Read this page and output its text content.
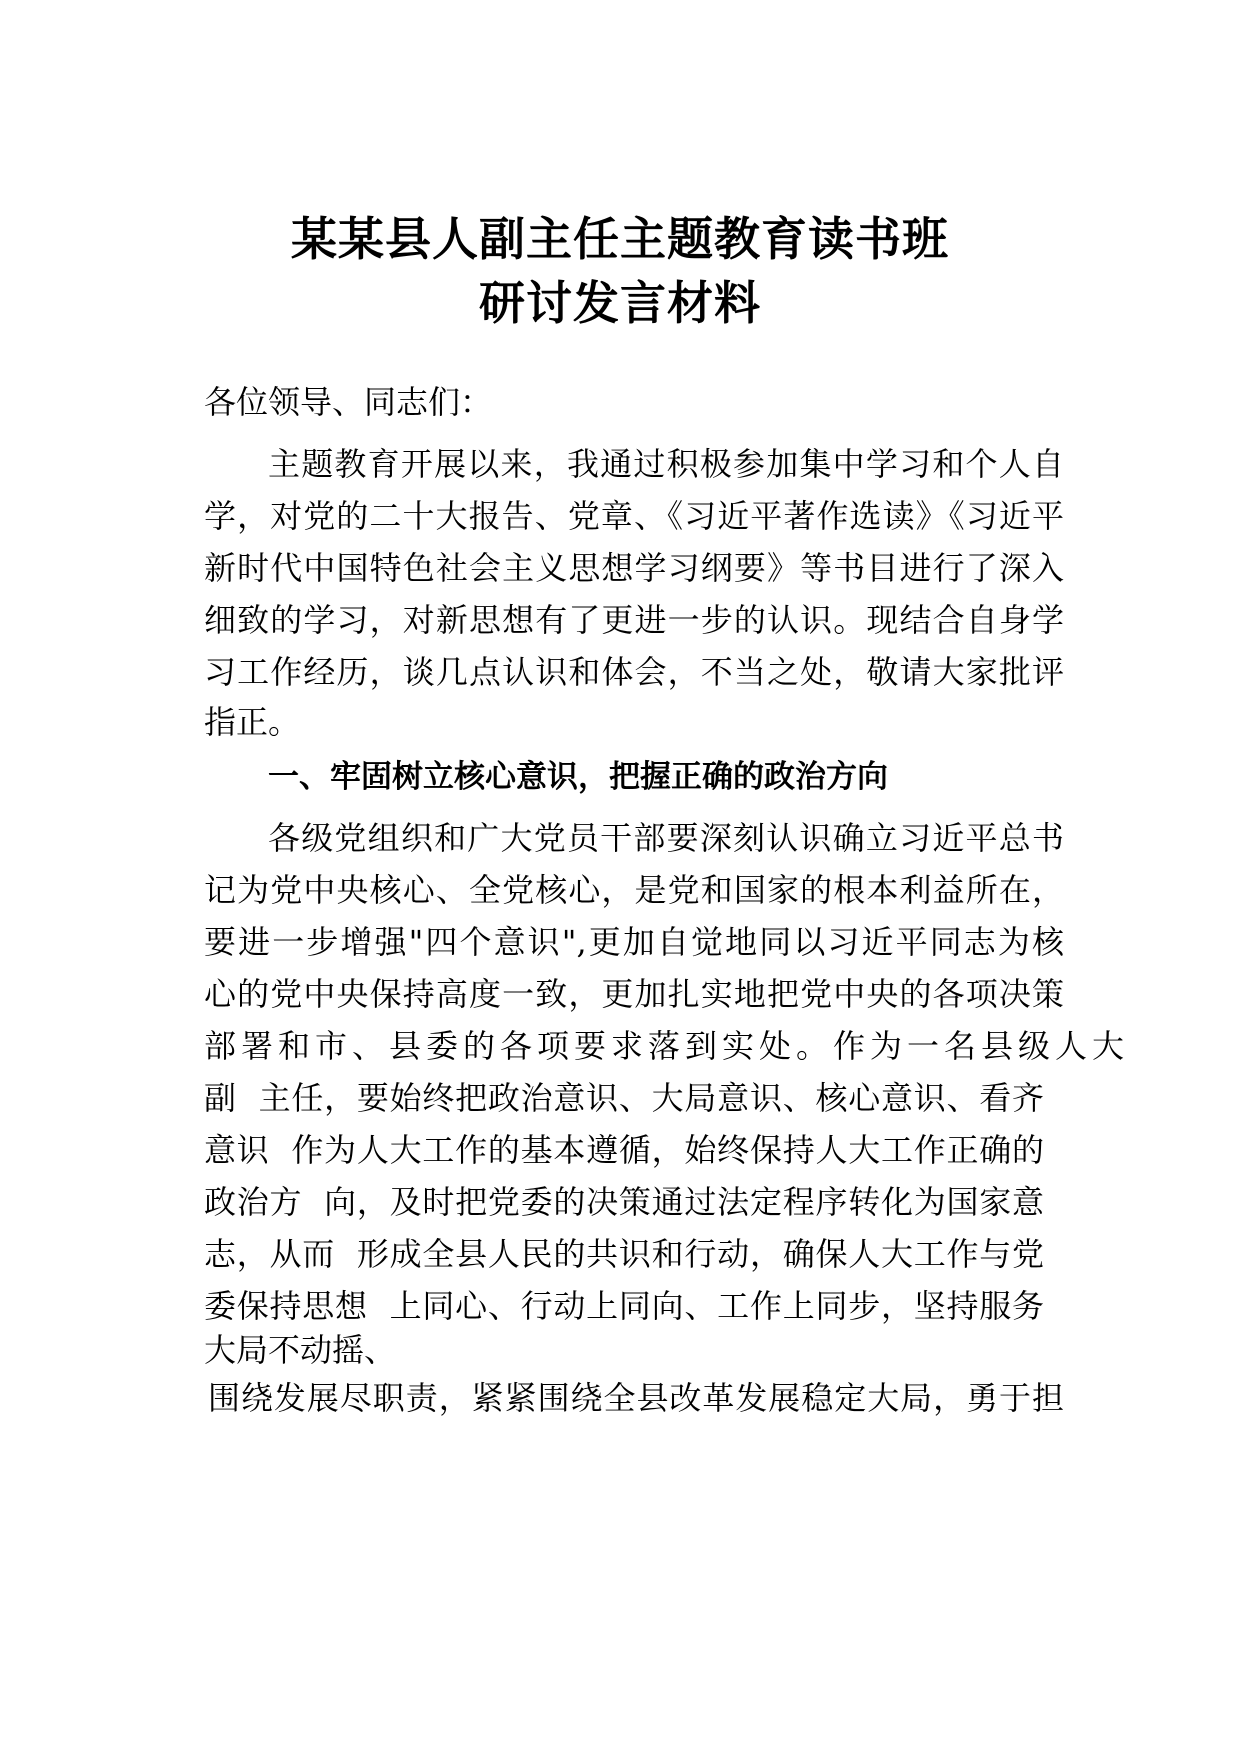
某某县人副主任主题教育读书班
研讨发言材料

各位领导、同志们：

主题教育开展以来，我通过积极参加集中学习和个人自

学，对党的二十大报告、党章、《习近平著作选读》《习近平

新时代中国特色社会主义思想学习纲要》等书目进行了深入

细致的学习，对新思想有了更进一步的认识。现结合自身学

习工作经历，谈几点认识和体会，不当之处，敬请大家批评

指正。

一、牢固树立核心意识，把握正确的政治方向

各级党组织和广大党员干部要深刻认识确立习近平总书

记为党中央核心、全党核心，是党和国家的根本利益所在，

要进一步增强"四个意识",更加自觉地同以习近平同志为核

心的党中央保持高度一致，更加扎实地把党中央的各项决策

部署和市、县委的各项要求落到实处。作为一名县级人大

副  主任，要始终把政治意识、大局意识、核心意识、看齐

意识  作为人大工作的基本遵循，始终保持人大工作正确的

政治方  向，及时把党委的决策通过法定程序转化为国家意

志，从而  形成全县人民的共识和行动，确保人大工作与党

委保持思想  上同心、行动上同向、工作上同步，坚持服务

大局不动摇、

围绕发展尽职责，紧紧围绕全县改革发展稳定大局，勇于担
